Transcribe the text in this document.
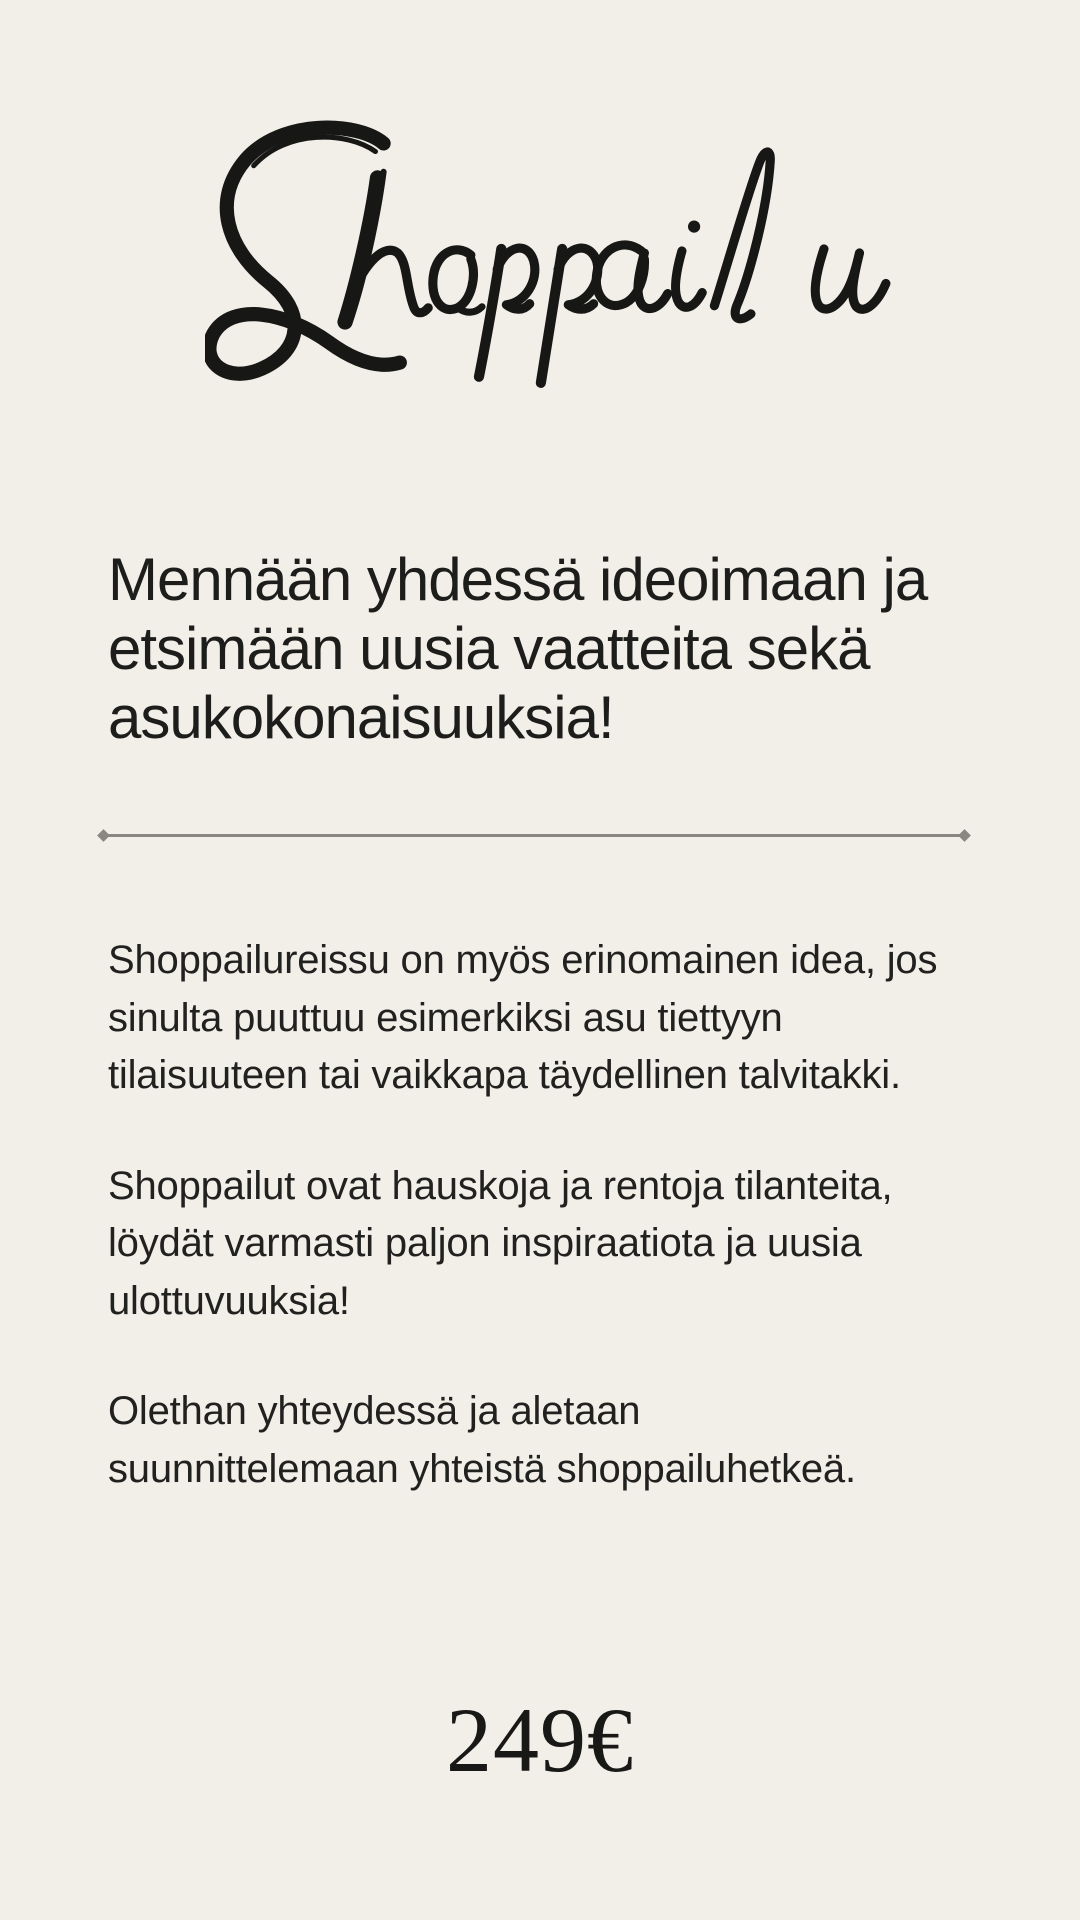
Mennään yhdessä ideoimaan ja
etsimään uusia vaatteita sekä
asukokonaisuuksia!

Shoppailureissu on myös erinomainen idea, jos
sinulta puuttuu esimerkiksi asu tiettyyn
tilaisuuteen tai vaikkapa täydellinen talvitakki.

Shoppailut ovat hauskoja ja rentoja tilanteita,
löydät varmasti paljon inspiraatiota ja uusia
ulottuvuuksia!

Olethan yhteydessä ja aletaan
suunnittelemaan yhteistä shoppailuhetkeä.

249€
